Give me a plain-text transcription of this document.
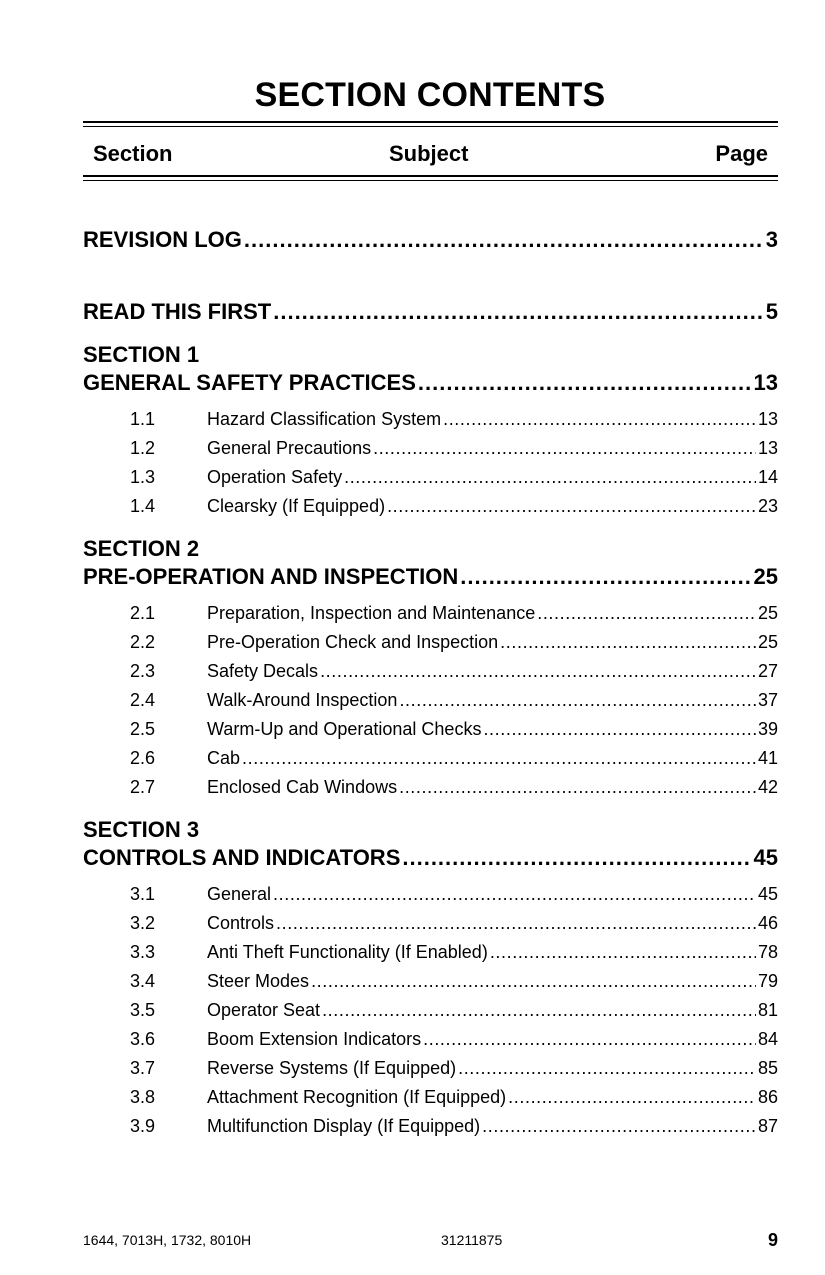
SECTION CONTENTS
Section	Subject	Page
REVISION LOG .....	3
READ THIS FIRST .....	5
SECTION 1
GENERAL SAFETY PRACTICES .....	13
1.1	Hazard Classification System .....	13
1.2	General Precautions .....	13
1.3	Operation Safety .....	14
1.4	Clearsky (If Equipped) .....	23
SECTION 2
PRE-OPERATION AND INSPECTION .....	25
2.1	Preparation, Inspection and Maintenance .....	25
2.2	Pre-Operation Check and Inspection .....	25
2.3	Safety Decals .....	27
2.4	Walk-Around Inspection .....	37
2.5	Warm-Up and Operational Checks .....	39
2.6	Cab .....	41
2.7	Enclosed Cab Windows .....	42
SECTION 3
CONTROLS AND INDICATORS .....	45
3.1	General .....	45
3.2	Controls .....	46
3.3	Anti Theft Functionality (If Enabled) .....	78
3.4	Steer Modes .....	79
3.5	Operator Seat .....	81
3.6	Boom Extension Indicators .....	84
3.7	Reverse Systems (If Equipped) .....	85
3.8	Attachment Recognition (If Equipped) .....	86
3.9	Multifunction Display (If Equipped) .....	87
1644, 7013H, 1732, 8010H	31211875	9
